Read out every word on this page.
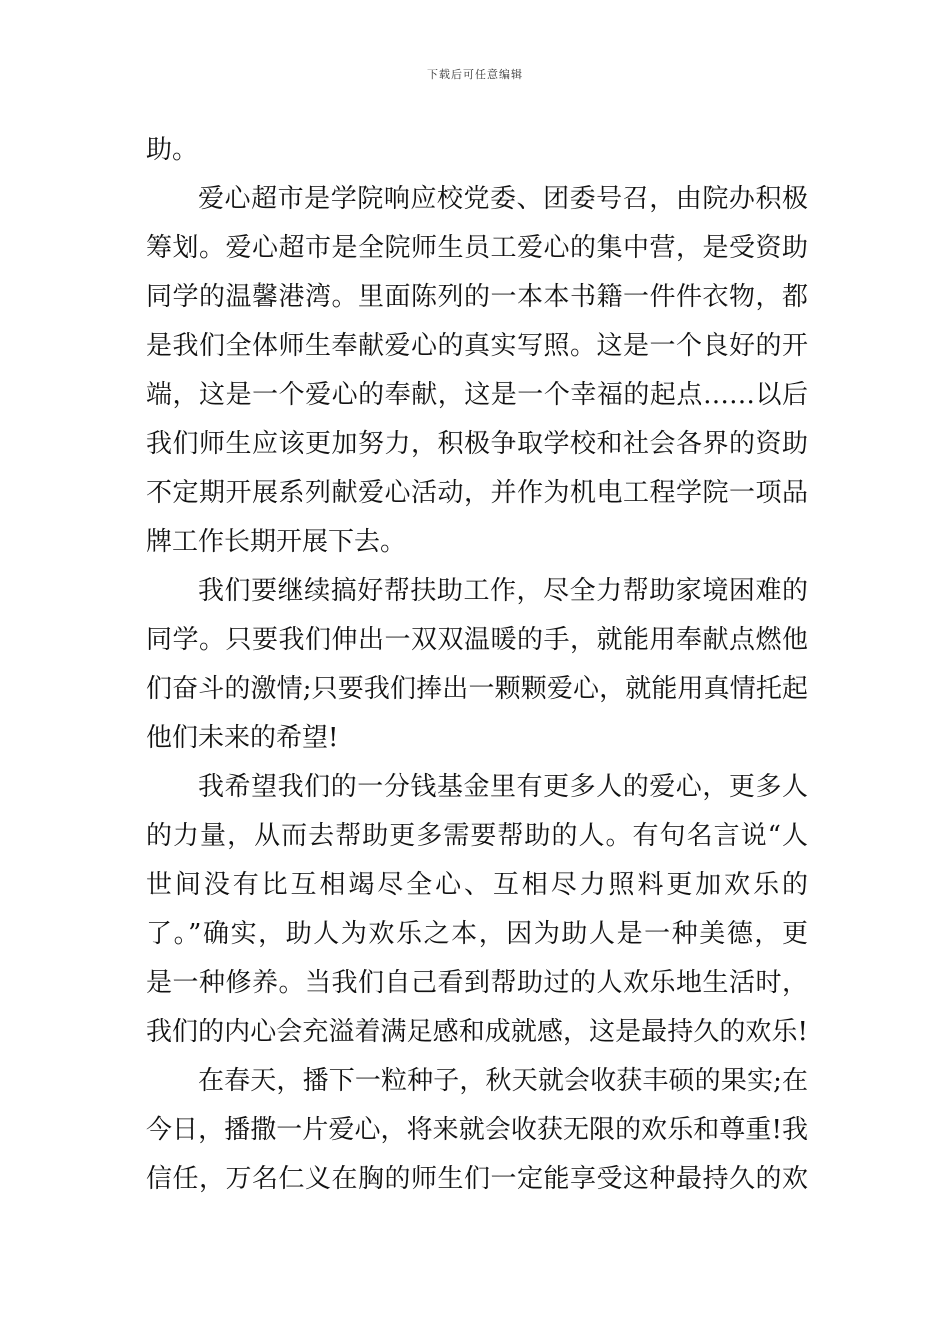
下载后可任意编辑
助。
爱心超市是学院响应校党委、团委号召，由院办积极
筹划。爱心超市是全院师生员工爱心的集中营，是受资助
同学的温馨港湾。里面陈列的一本本书籍一件件衣物，都
是我们全体师生奉献爱心的真实写照。这是一个良好的开
端，这是一个爱心的奉献，这是一个幸福的起点……以后
我们师生应该更加努力，积极争取学校和社会各界的资助
不定期开展系列献爱心活动，并作为机电工程学院一项品
牌工作长期开展下去。
我们要继续搞好帮扶助工作，尽全力帮助家境困难的
同学。只要我们伸出一双双温暖的手，就能用奉献点燃他
们奋斗的激情;只要我们捧出一颗颗爱心，就能用真情托起
他们未来的希望!
我希望我们的一分钱基金里有更多人的爱心，更多人
的力量，从而去帮助更多需要帮助的人。有句名言说“人
世间没有比互相竭尽全心、互相尽力照料更加欢乐的
了。”确实，助人为欢乐之本，因为助人是一种美德，更
是一种修养。当我们自己看到帮助过的人欢乐地生活时，
我们的内心会充溢着满足感和成就感，这是最持久的欢乐!
在春天，播下一粒种子，秋天就会收获丰硕的果实;在
今日，播撒一片爱心，将来就会收获无限的欢乐和尊重!我
信任，万名仁义在胸的师生们一定能享受这种最持久的欢
